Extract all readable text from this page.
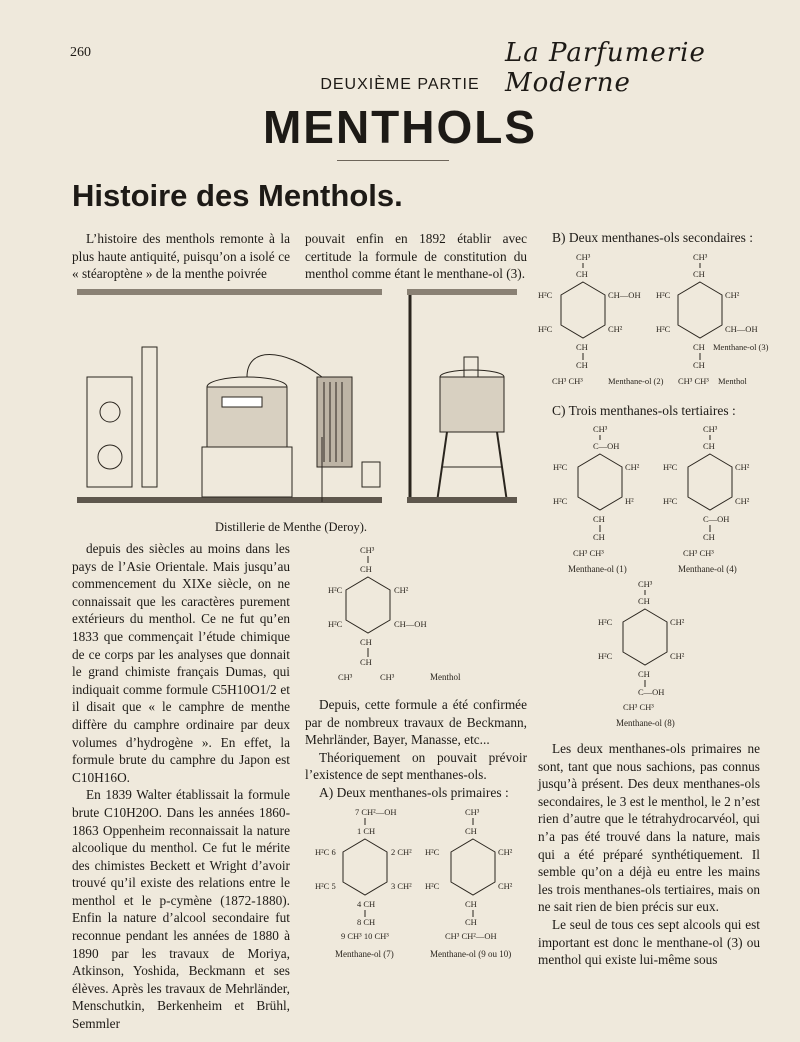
260	La Parfumerie Moderne
DEUXIÈME PARTIE
MENTHOLS
Histoire des Menthols.

L’histoire des menthols remonte à la plus haute antiquité, puisqu’on a isolé ce « stéaroptène » de la menthe poivrée

pouvait enfin en 1892 établir avec certitude la formule de constitution du menthol comme étant le menthane-ol (3).

Distillerie de Menthe (Deroy).

depuis des siècles au moins dans les pays de l’Asie Orientale. Mais jusqu’au commencement du XIXe siècle, on ne connaissait que les caractères purement extérieurs du menthol. Ce ne fut qu’en 1833 que commençait l’étude chimique de ce corps par les analyses que donnait le grand chimiste français Dumas, qui indiquait comme formule C5H10O1/2 et il disait que « le camphre de menthe diffère du camphre ordinaire par deux volumes d’hydrogène ». En effet, la formule brute du camphre du Japon est C10H16O.

En 1839 Walter établissait la formule brute C10H20O. Dans les années 1860-1863 Oppenheim reconnaissait la nature alcoolique du menthol. Ce fut le mérite des chimistes Beckett et Wright d’avoir trouvé qu’il existe des relations entre le menthol et le p-cymène (1872-1880). Enfin la nature d’alcool secondaire fut reconnue pendant les années de 1880 à 1890 par les travaux de Moriya, Atkinson, Yoshida, Beckmann et ses élèves. Après les travaux de Mehrländer, Menschutkin, Berkenheim et Brühl, Semmler

CH³
CH
H²C	CH²
H²C	CH—OH
CH
CH
CH³	CH³	Menthol

Depuis, cette formule a été confirmée par de nombreux travaux de Beckmann, Mehrländer, Bayer, Manasse, etc...

Théoriquement on pouvait prévoir l’existence de sept menthanes-ols.

A) Deux menthanes-ols primaires :

7 CH²—OH
1 CH
H²C 6	2 CH²
H²C 5	3 CH²
4 CH
8 CH
9 CH³ 10 CH³
Menthane-ol (7)
CH³
CH
H²C	CH²
H²C	CH²
CH
CH
CH³ CH²—OH
Menthane-ol (9 ou 10)
B) Deux menthanes-ols secondaires :
CH³
CH
H²C	CH—OH
H²C	CH²
CH
CH
CH³ CH³	Menthane-ol (2)
CH³
CH
H²C	CH²
H²C	CH—OH
CH Menthane-ol (3)
CH
CH³ CH³ Menthol
C) Trois menthanes-ols tertiaires :
CH³
C—OH
H²C	CH²
H²C	H²
CH
CH
CH³ CH³
Menthane-ol (1)
CH³
CH
H²C	CH²
H²C	CH²
C—OH
CH
CH³ CH³
Menthane-ol (4)
CH³
CH
H²C	CH²
H²C	CH²
CH
C—OH
CH³ CH³
Menthane-ol (8)

Les deux menthanes-ols primaires ne sont, tant que nous sachions, pas connus jusqu’à présent. Des deux menthanes-ols secondaires, le 3 est le menthol, le 2 n’est rien d’autre que le tétrahydrocarvéol, qui n’a pas été trouvé dans la nature, mais qui a été préparé synthétiquement. Il semble qu’on a déjà eu entre les mains les trois menthanes-ols tertiaires, mais on ne sait rien de bien précis sur eux.

Le seul de tous ces sept alcools qui est important est donc le menthane-ol (3) ou menthol qui existe lui-même sous
